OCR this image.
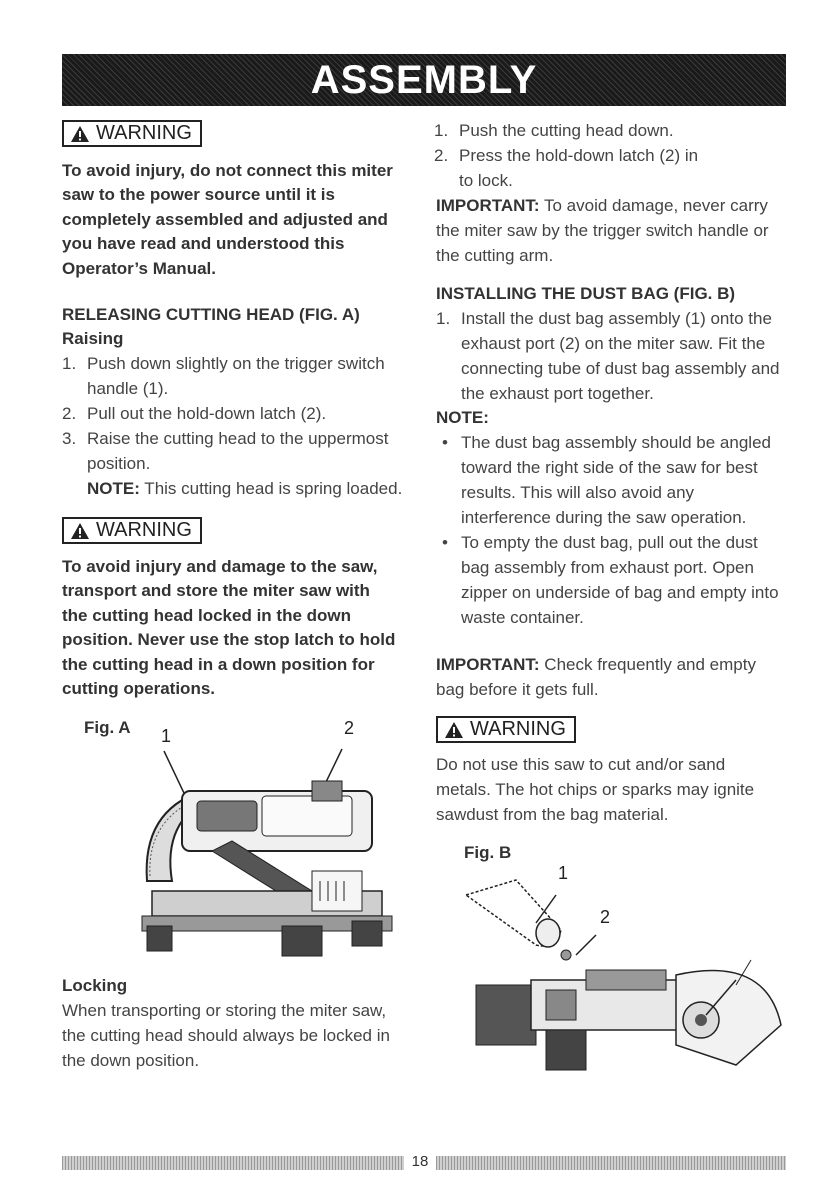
ASSEMBLY
WARNING
To avoid injury, do not connect this miter saw to the power source until it is completely assembled and adjusted and you have read and understood this Operator’s Manual.
RELEASING CUTTING HEAD (FIG. A)
Raising
1. Push down slightly on the trigger switch handle (1).
2. Pull out the hold-down latch (2).
3. Raise the cutting head to the uppermost position.
NOTE: This cutting head is spring loaded.
WARNING
To avoid injury and damage to the saw, transport and store the miter saw with the cutting head locked in the down position. Never use the stop latch to hold the cutting head in a down position for cutting operations.
Fig. A 1	2
Locking

When transporting or storing the miter saw, the cutting head should always be locked in the down position.

1. Push the cutting head down.
2. Press the hold-down latch (2) in to lock.

IMPORTANT: To avoid damage, never carry the miter saw by the trigger switch handle or the cutting arm.

INSTALLING THE DUST BAG (FIG. B)
1. Install the dust bag assembly (1) onto the exhaust port (2) on the miter saw. Fit the connecting tube of dust bag assembly and the exhaust port together.
NOTE:
• The dust bag assembly should be angled toward the right side of the saw for best results. This will also avoid any interference during the saw operation.
• To empty the dust bag, pull out the dust bag assembly from exhaust port. Open zipper on underside of bag and empty into waste container.

IMPORTANT: Check frequently and empty bag before it gets full.

WARNING

Do not use this saw to cut and/or sand metals. The hot chips or sparks may ignite sawdust from the bag material.

Fig. B
1
2
18
